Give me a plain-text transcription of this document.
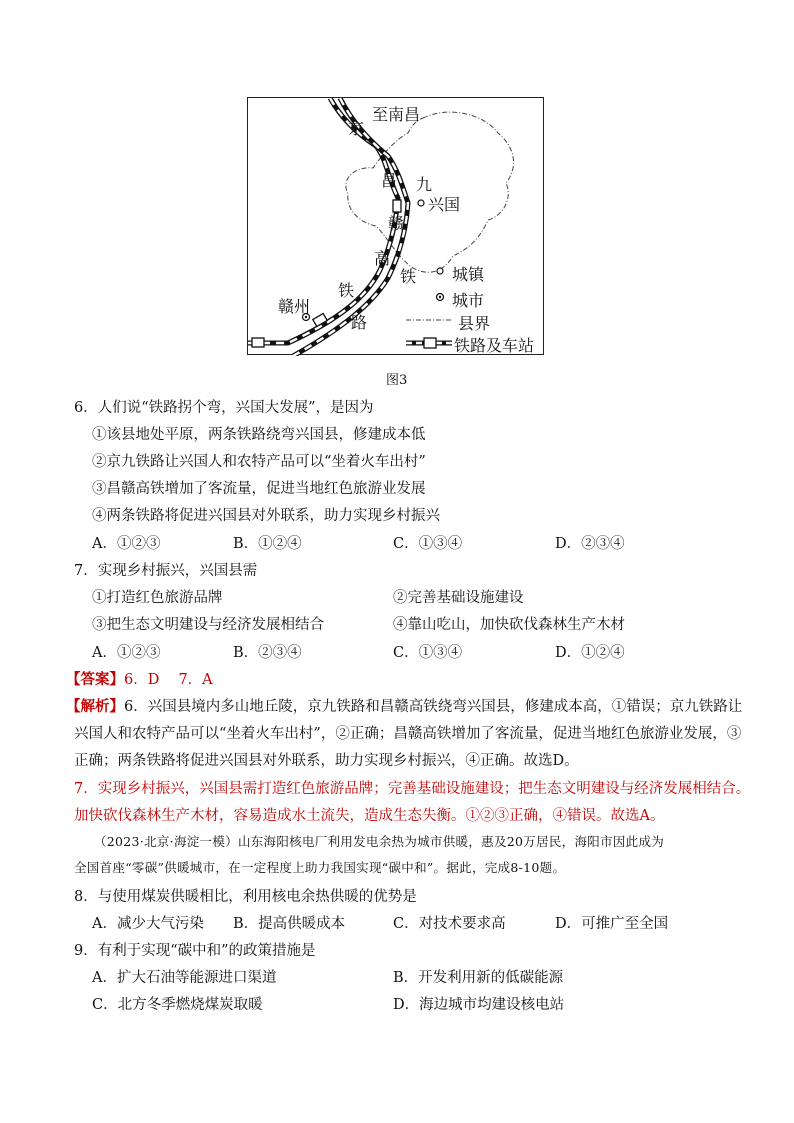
至南昌
京
昌 九
兴国
赣
高
铁
铁
赣州
路
城镇
城市
县界
铁路及车站
图3
6．人们说“铁路拐个弯，兴国大发展”，是因为
①该县地处平原，两条铁路绕弯兴国县，修建成本低
②京九铁路让兴国人和农特产品可以“坐着火车出村”
③昌赣高铁增加了客流量，促进当地红色旅游业发展
④两条铁路将促进兴国县对外联系，助力实现乡村振兴
A．①②③	B．①②④	C．①③④	D．②③④
7．实现乡村振兴，兴国县需
①打造红色旅游品牌	②完善基础设施建设
③把生态文明建设与经济发展相结合	④靠山吃山，加快砍伐森林生产木材
A．①②③	B．②③④	C．①③④	D．①②④
【答案】6．D　 7．A
【解析】6．兴国县境内多山地丘陵，京九铁路和昌赣高铁绕弯兴国县，修建成本高，①错误；京九铁路让
兴国人和农特产品可以“坐着火车出村”，②正确；昌赣高铁增加了客流量，促进当地红色旅游业发展，③
正确；两条铁路将促进兴国县对外联系，助力实现乡村振兴，④正确。故选D。
7．实现乡村振兴，兴国县需打造红色旅游品牌；完善基础设施建设；把生态文明建设与经济发展相结合。
加快砍伐森林生产木材，容易造成水土流失，造成生态失衡。①②③正确，④错误。故选A。
（2023·北京·海淀一模）山东海阳核电厂利用发电余热为城市供暖，惠及20万居民，海阳市因此成为
全国首座“零碳”供暖城市，在一定程度上助力我国实现“碳中和”。据此，完成8-10题。
8．与使用煤炭供暖相比，利用核电余热供暖的优势是
A．减少大气污染 B．提高供暖成本	C．对技术要求高	D．可推广至全国
9．有利于实现“碳中和”的政策措施是
A．扩大石油等能源进口渠道	B．开发利用新的低碳能源
C．北方冬季燃烧煤炭取暖	D．海边城市均建设核电站
